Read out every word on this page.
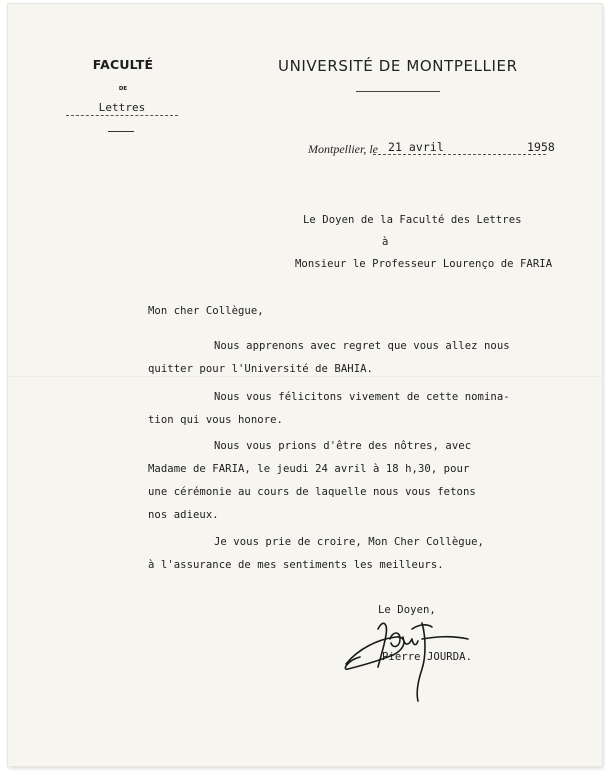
FACULTÉ
DE
Lettres
UNIVERSITÉ DE MONTPELLIER
Montpellier, le 21 avril	1958
Le Doyen de la Faculté des Lettres
à
Monsieur le Professeur Lourenço de FARIA
Mon cher Collègue,
Nous apprenons avec regret que vous allez nous
quitter pour l'Université de BAHIA.
Nous vous félicitons vivement de cette nomina-
tion qui vous honore.
Nous vous prions d'être des nôtres, avec
Madame de FARIA, le jeudi 24 avril à 18 h,30, pour
une cérémonie au cours de laquelle nous vous fetons
nos adieux.
Je vous prie de croire, Mon Cher Collègue,
à l'assurance de mes sentiments les meilleurs.
Le Doyen,
Pierre JOURDA.
